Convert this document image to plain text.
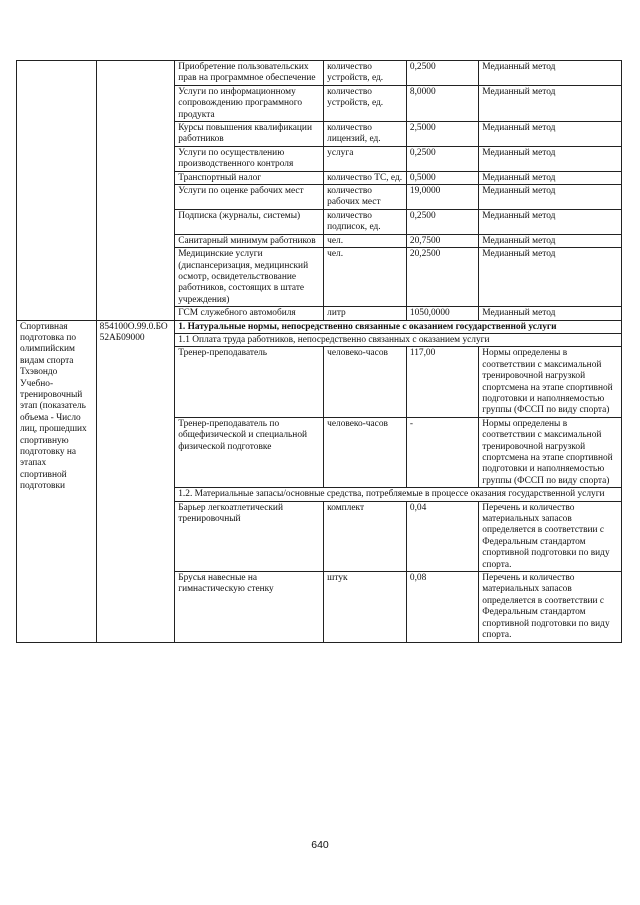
		Приобретение пользовательских прав на программное обеспечение	количество устройств, ед.	0,2500	Медианный метод
		Услуги по информационному сопровождению программного продукта	количество устройств, ед.	8,0000	Медианный метод
		Курсы повышения квалификации работников	количество лицензий, ед.	2,5000	Медианный метод
		Услуги по осуществлению производственного контроля	услуга	0,2500	Медианный метод
		Транспортный налог	количество ТС, ед.	0,5000	Медианный метод
		Услуги по оценке рабочих мест	количество рабочих мест	19,0000	Медианный метод
		Подписка (журналы, системы)	количество подписок, ед.	0,2500	Медианный метод
		Санитарный минимум работников	чел.	20,7500	Медианный метод
		Медицинские услуги (диспансеризация, медицинский осмотр, освидетельствование работников, состоящих в штате учреждения)	чел.	20,2500	Медианный метод
		ГСМ служебного автомобиля	литр	1050,0000	Медианный метод
Спортивная подготовка по олимпийским видам спорта Тхэвондо Учебно-тренировочный этап (показатель объема - Число лиц, прошедших спортивную подготовку на этапах спортивной подготовки	854100О.99.0.БО52АБ09000	1. Натуральные нормы, непосредственно связанные с оказанием государственной услуги			
		1.1 Оплата труда работников, непосредственно связанных с оказанием услуги			
		Тренер-преподаватель	человеко-часов	117,00	Нормы определены в соответствии с максимальной тренировочной нагрузкой спортсмена на этапе спортивной подготовки и наполняемостью группы (ФССП по виду спорта)
		Тренер-преподаватель по общефизической и специальной физической подготовке	человеко-часов	-	Нормы определены в соответствии с максимальной тренировочной нагрузкой спортсмена на этапе спортивной подготовки и наполняемостью группы (ФССП по виду спорта)
		1.2. Материальные запасы/основные средства, потребляемые в процессе оказания государственной услуги			
		Барьер легкоатлетический тренировочный	комплект	0,04	Перечень и количество материальных запасов определяется в соответствии с Федеральным стандартом спортивной подготовки по виду спорта.
		Брусья навесные на гимнастическую стенку	штук	0,08	Перечень и количество материальных запасов определяется в соответствии с Федеральным стандартом спортивной подготовки по виду спорта.
640
